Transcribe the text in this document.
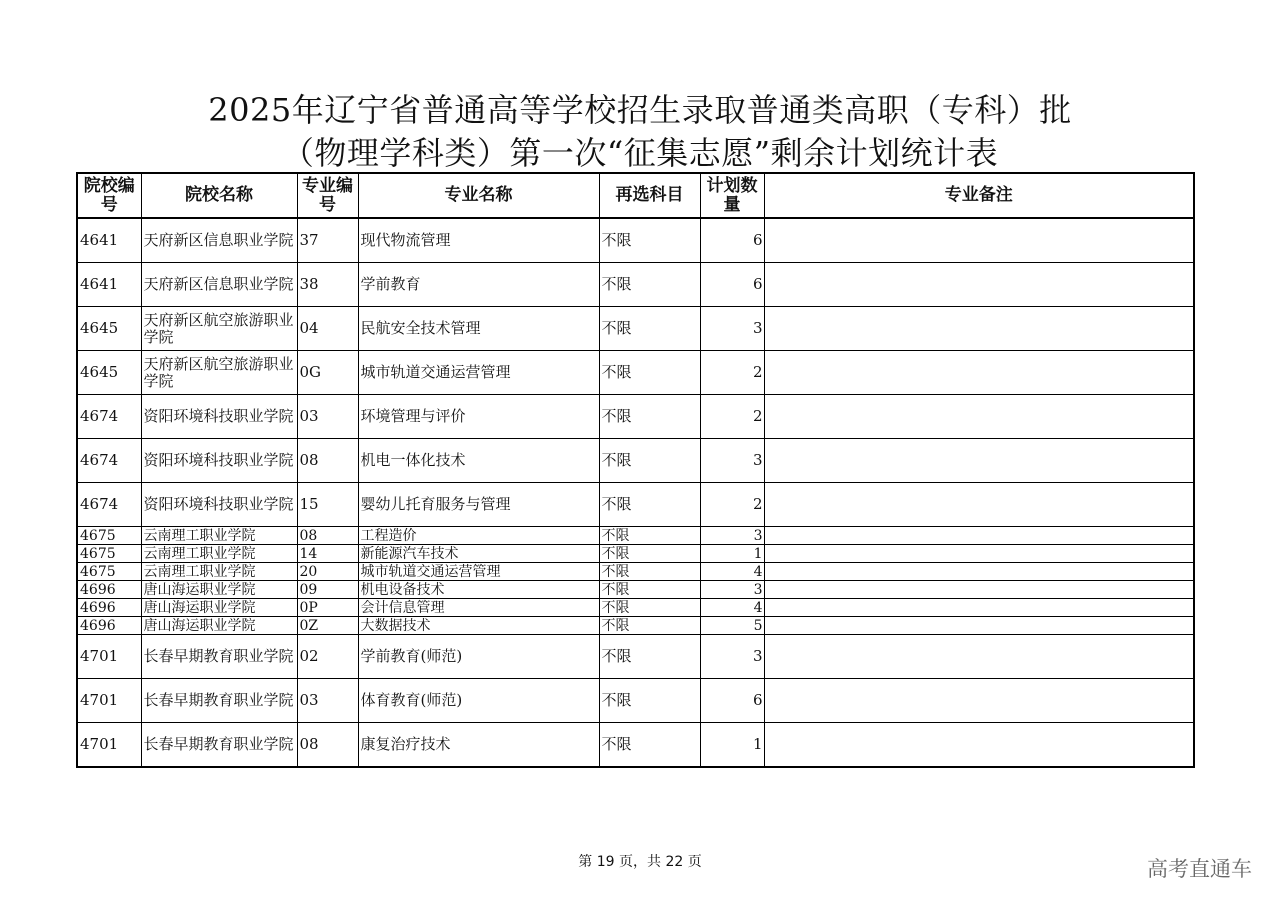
2025年辽宁省普通高等学校招生录取普通类高职（专科）批
（物理学科类）第一次“征集志愿”剩余计划统计表
院校编号	院校名称	专业编号	专业名称	再选科目	计划数量	专业备注
4641	天府新区信息职业学院	37	现代物流管理	不限	6	
4641	天府新区信息职业学院	38	学前教育	不限	6	
4645	天府新区航空旅游职业学院	04	民航安全技术管理	不限	3	
4645	天府新区航空旅游职业学院	0G	城市轨道交通运营管理	不限	2	
4674	资阳环境科技职业学院	03	环境管理与评价	不限	2	
4674	资阳环境科技职业学院	08	机电一体化技术	不限	3	
4674	资阳环境科技职业学院	15	婴幼儿托育服务与管理	不限	2	
4675	云南理工职业学院	08	工程造价	不限	3	
4675	云南理工职业学院	14	新能源汽车技术	不限	1	
4675	云南理工职业学院	20	城市轨道交通运营管理	不限	4	
4696	唐山海运职业学院	09	机电设备技术	不限	3	
4696	唐山海运职业学院	0P	会计信息管理	不限	4	
4696	唐山海运职业学院	0Z	大数据技术	不限	5	
4701	长春早期教育职业学院	02	学前教育(师范)	不限	3	
4701	长春早期教育职业学院	03	体育教育(师范)	不限	6	
4701	长春早期教育职业学院	08	康复治疗技术	不限	1	
第 19 页，共 22 页	高考直通车
